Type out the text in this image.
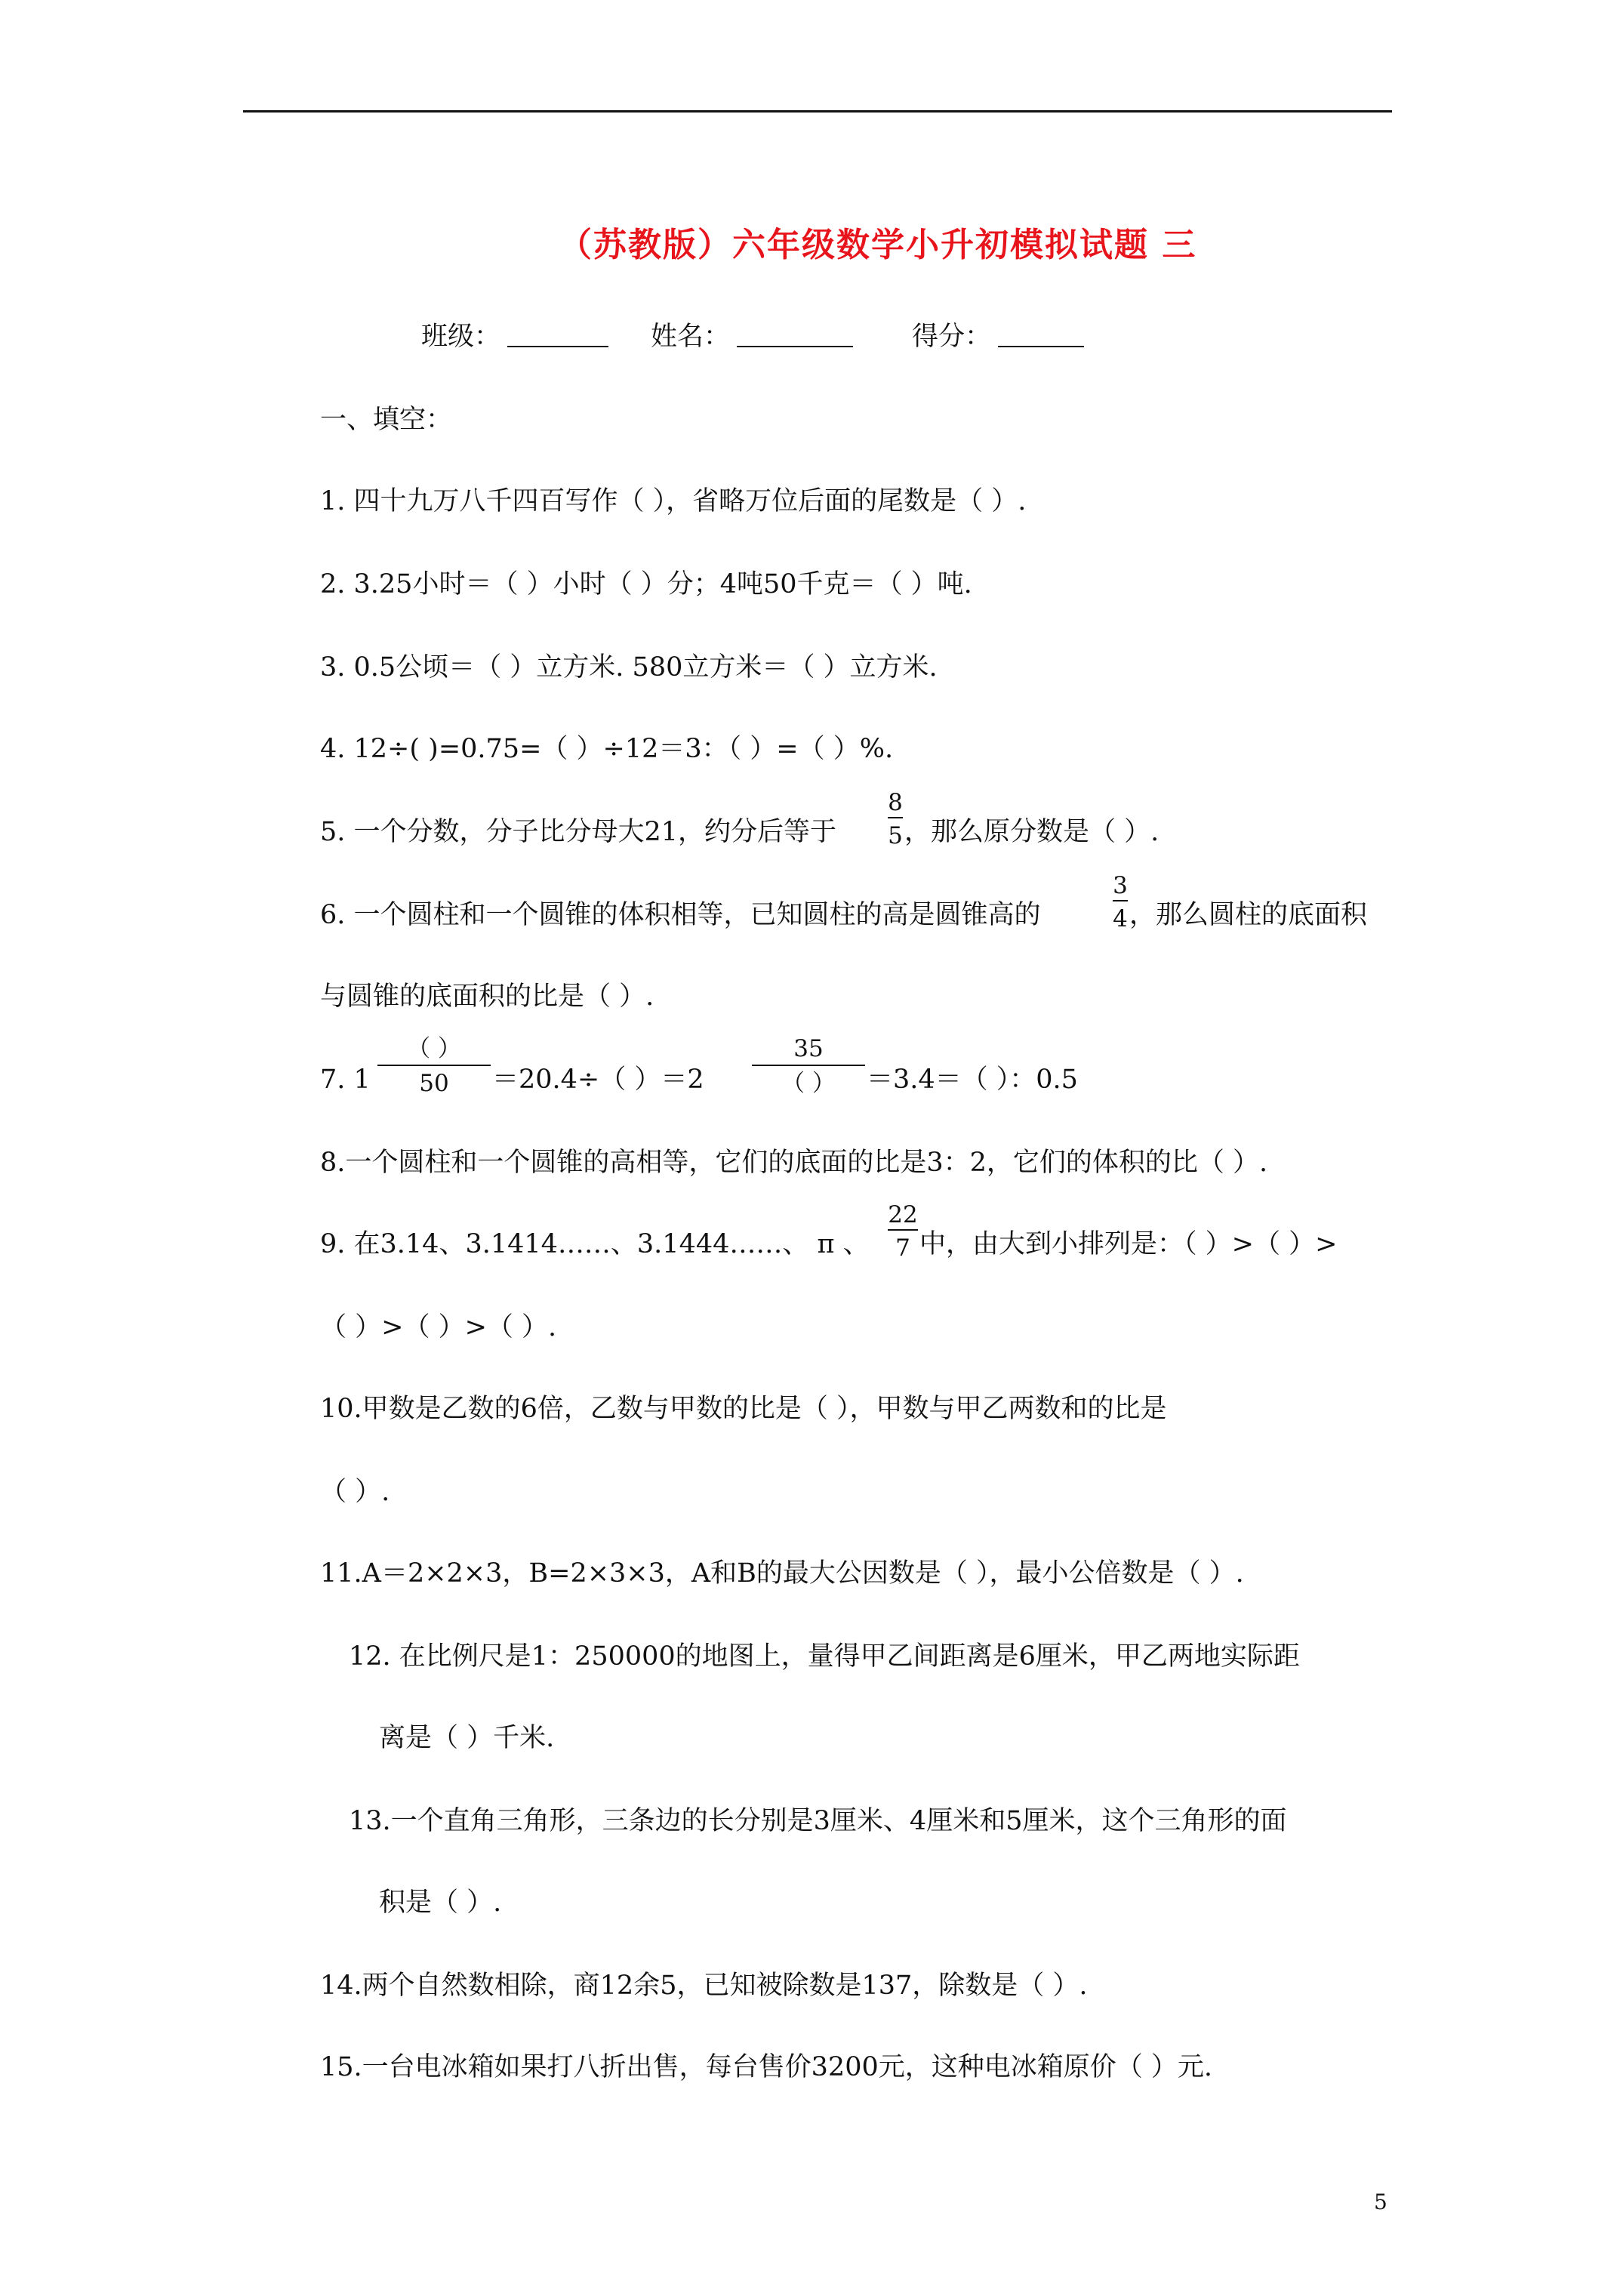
（苏教版）六年级数学小升初模拟试题 三
班级：	姓名：	得分：
一、填空：
1. 四十九万八千四百写作（ ），省略万位后面的尾数是（ ）.
2. 3.25小时＝（ ）小时（ ）分；4吨50千克＝（ ）吨.
3. 0.5公顷＝（ ）立方米. 580立方米＝（ ）立方米.
4. 12÷( )=0.75=（ ）÷12＝3：（ ）=（ ）%.
5. 一个分数，分子比分母大21，约分后等于
8
5 ，那么原分数是（ ）.
6. 一个圆柱和一个圆锥的体积相等，已知圆柱的高是圆锥高的
3
4 ，那么圆柱的底面积
与圆锥的底面积的比是（ ）.
7. 1
（ ）
50	＝20.4÷（ ）＝2
35
（ ）	＝3.4＝（ ）：0.5
8.一个圆柱和一个圆锥的高相等，它们的底面的比是3：2，它们的体积的比（ ）.
9. 在3.14、3.1414……、3.1444……、 π 、
22
7 中，由大到小排列是：（ ）>（ ）>
（ ）>（ ）>（ ）.
10.甲数是乙数的6倍，乙数与甲数的比是（ ），甲数与甲乙两数和的比是
（ ）.
11.A＝2×2×3，B=2×3×3，A和B的最大公因数是（ ），最小公倍数是（ ）.
12. 在比例尺是1：250000的地图上，量得甲乙间距离是6厘米，甲乙两地实际距
离是（ ）千米.
13.一个直角三角形，三条边的长分别是3厘米、4厘米和5厘米，这个三角形的面
积是（ ）.
14.两个自然数相除，商12余5，已知被除数是137，除数是（ ）.
15.一台电冰箱如果打八折出售，每台售价3200元，这种电冰箱原价（ ）元.
5
